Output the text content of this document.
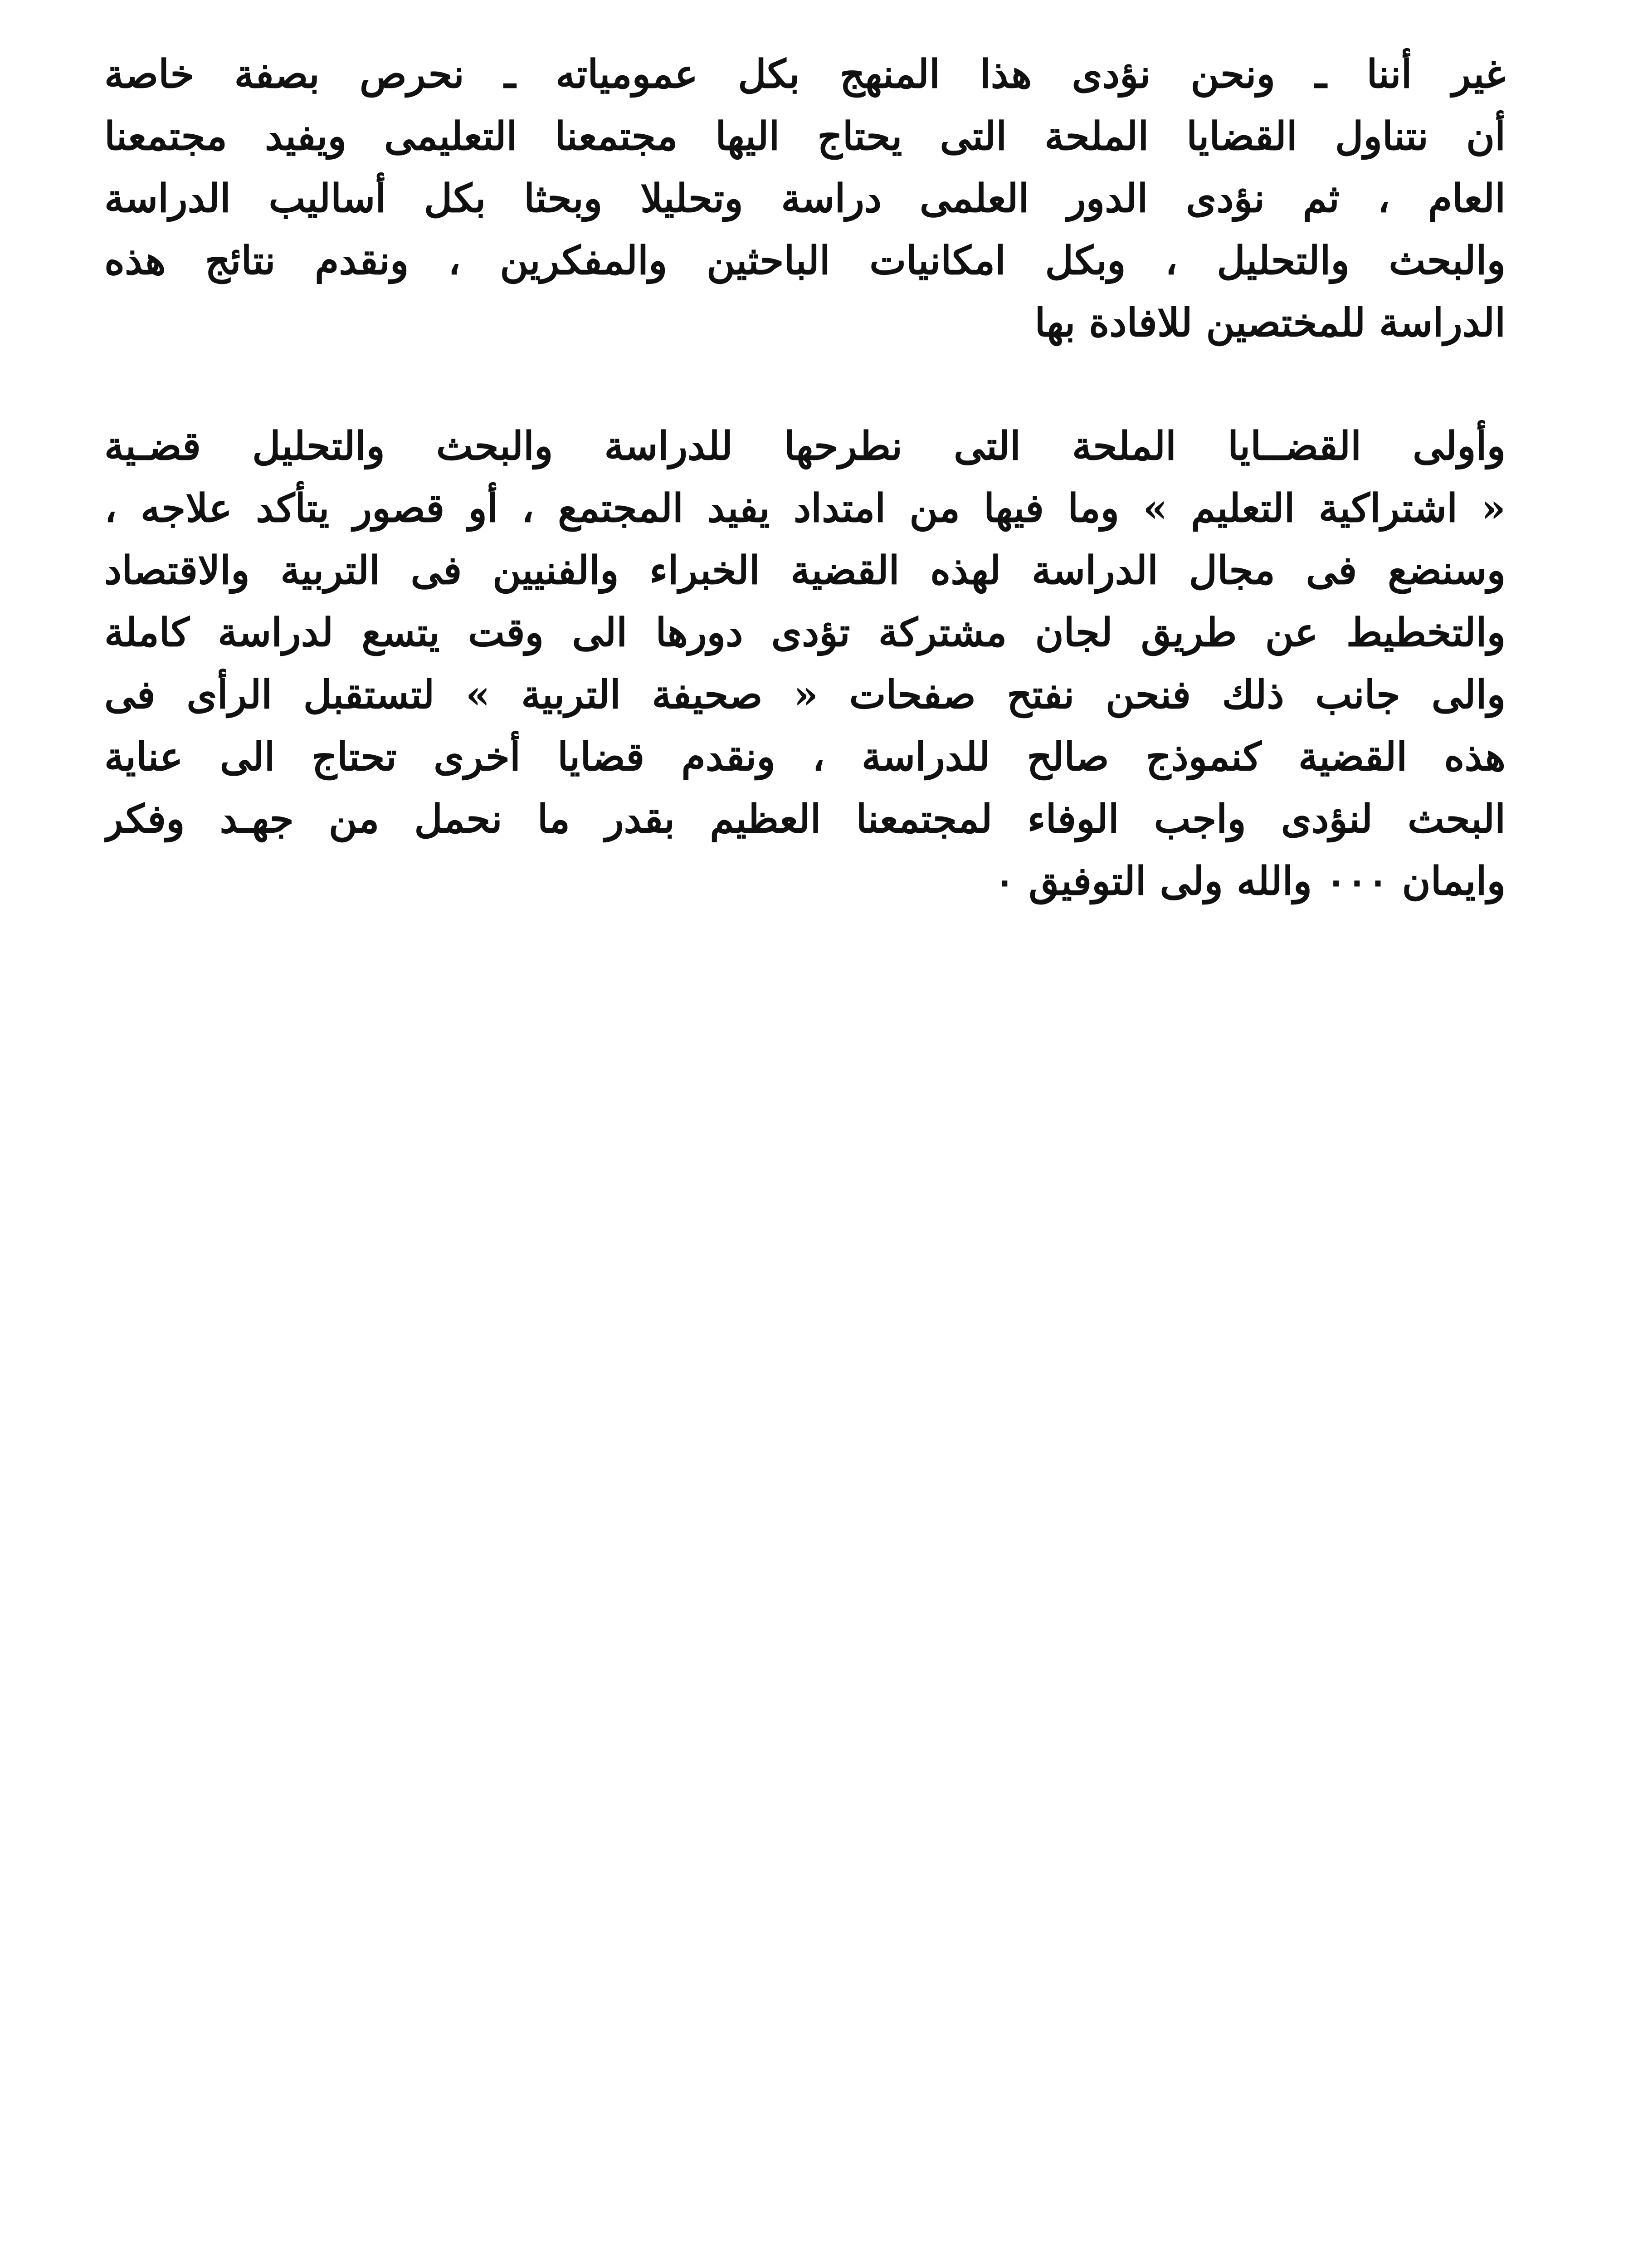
غير أننا ـ ونحن نؤدى هذا المنهج بكل عمومياته ـ نحرص بصفة خاصة
أن نتناول القضايا الملحة التى يحتاج اليها مجتمعنا التعليمى ويفيد مجتمعنا
العام ، ثم نؤدى الدور العلمى دراسة وتحليلا وبحثا بكل أساليب الدراسة
والبحث والتحليل ، وبكل امكانيات الباحثين والمفكرين ، ونقدم نتائج هذه
الدراسة للمختصين للافادة بها
وأولى القضــايا الملحة التى نطرحها للدراسة والبحث والتحليل قضـية
« اشتراكية التعليم » وما فيها من امتداد يفيد المجتمع ، أو قصور يتأكد علاجه ،
وسنضع فى مجال الدراسة لهذه القضية الخبراء والفنيين فى التربية والاقتصاد
والتخطيط عن طريق لجان مشتركة تؤدى دورها الى وقت يتسع لدراسة كاملة
والى جانب ذلك فنحن نفتح صفحات « صحيفة التربية » لتستقبل الرأى فى
هذه القضية كنموذج صالح للدراسة ، ونقدم قضايا أخرى تحتاج الى عناية
البحث لنؤدى واجب الوفاء لمجتمعنا العظيم بقدر ما نحمل من جهـد وفكر
وايمان ٠٠٠ والله ولى التوفيق ٠
